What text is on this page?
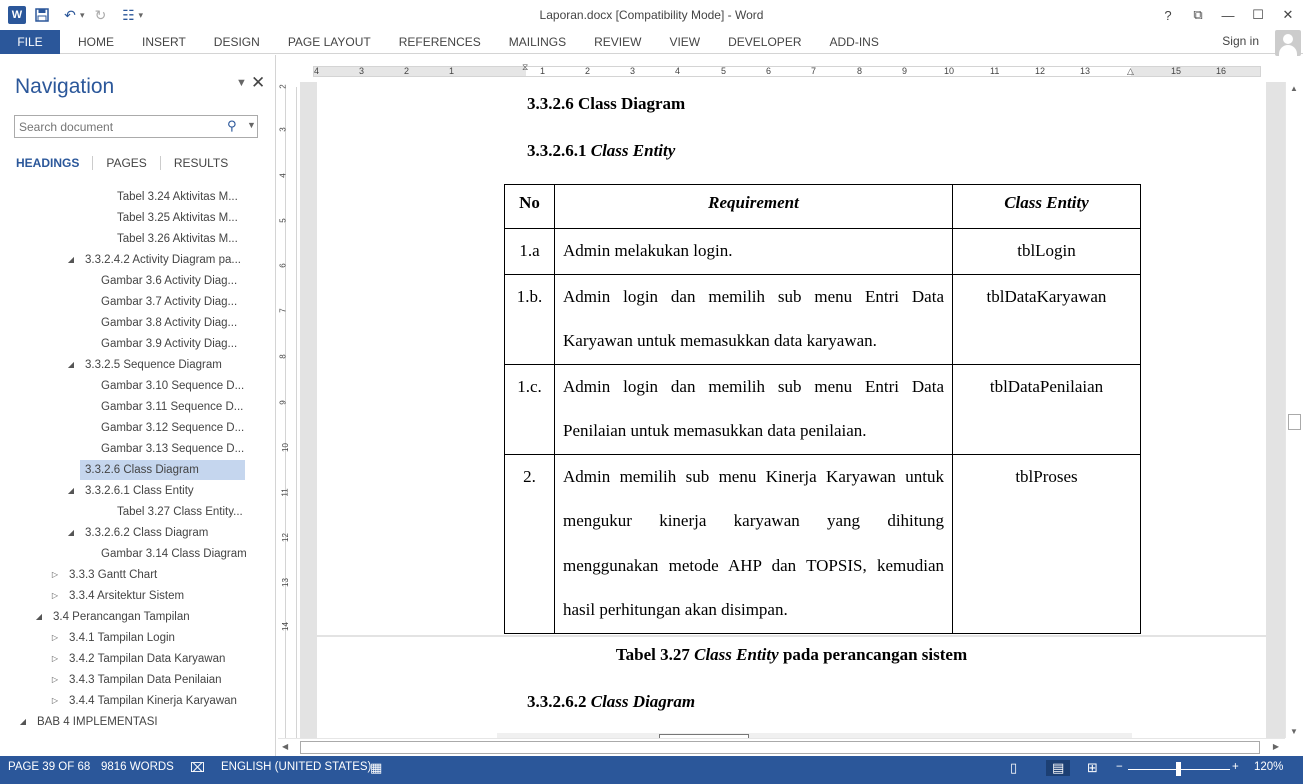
W	↶ ▾ ↻	☷ ▾	Laporan.docx [Compatibility Mode] - Word	?	⧉	—	☐	✕
FILE	HOME	INSERT	DESIGN	PAGE LAYOUT	REFERENCES	MAILINGS	REVIEW	VIEW	DEVELOPER	ADD-INS	Sign in
Navigation	▼ ✕
Search document
⚲ ▼
HEADINGS	PAGES	RESULTS
Tabel 3.24 Aktivitas M...
Tabel 3.25 Aktivitas M...
Tabel 3.26 Aktivitas M...
◢ 3.3.2.4.2 Activity Diagram pa...
Gambar 3.6 Activity Diag...
Gambar 3.7 Activity Diag...
Gambar 3.8 Activity Diag...
Gambar 3.9 Activity Diag...
◢ 3.3.2.5 Sequence Diagram
Gambar 3.10 Sequence D...
Gambar 3.11 Sequence D...
Gambar 3.12 Sequence D...
Gambar 3.13 Sequence D...
3.3.2.6 Class Diagram
◢ 3.3.2.6.1 Class Entity
Tabel 3.27 Class Entity...
◢ 3.3.2.6.2 Class Diagram
Gambar 3.14 Class Diagram
▷ 3.3.3 Gantt Chart
▷ 3.3.4 Arsitektur Sistem
◢ 3.4 Perancangan Tampilan
▷ 3.4.1 Tampilan Login
▷ 3.4.2 Tampilan Data Karyawan
▷ 3.4.3 Tampilan Data Penilaian
▷ 3.4.4 Tampilan Kinerja Karyawan
◢ BAB 4 IMPLEMENTASI
4	3	2	1	⧖ 1	2	3	4	5	6	7	8	9	10	11	12	13	△	15	16
2
3
4
5
6
7
8
9
10
11
12
13
14
3.3.2.6 Class Diagram
3.3.2.6.1 Class Entity
No	Requirement	Class Entity
1.a	Admin melakukan login.	tblLogin
1.b.	Admin login dan memilih sub menu Entri Data Karyawan untuk memasukkan data karyawan.	tblDataKaryawan
1.c.	Admin login dan memilih sub menu Entri Data Penilaian untuk memasukkan data penilaian.	tblDataPenilaian
2.	Admin memilih sub menu Kinerja Karyawan untuk mengukur kinerja karyawan yang dihitung menggunakan metode AHP dan TOPSIS, kemudian hasil perhitungan akan disimpan.	tblProses
Tabel 3.27 Class Entity pada perancangan sistem
3.3.2.6.2 Class Diagram
▲
▼
◀	▶
PAGE 39 OF 68 9816 WORDS ⌧ ENGLISH (UNITED STATES)
▦	▯	▤	⊞ −	+ 120%
